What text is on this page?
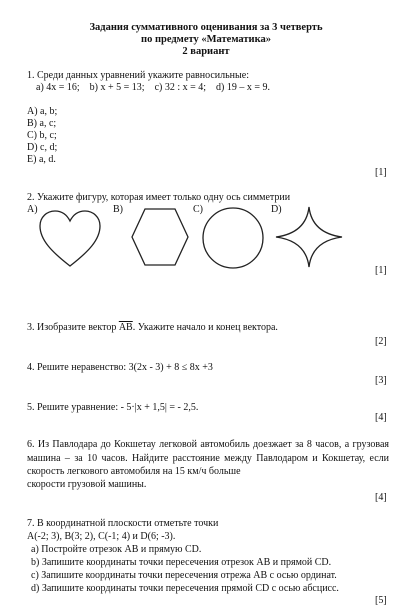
Задания суммативного оценивания за 3 четверть
по предмету «Математика»
2 вариант
1. Среди данных уравнений укажите равносильные:
a) 4x = 16;    b) x + 5 = 13;    c) 32 : x = 4;    d) 19 – x = 9.
A) a, b;
B) a, c;
C) b, c;
D) c, d;
E) a, d.
[1]
2. Укажите фигуру, которая имеет только одну ось симметрии
A)	B)	C)	D)
[1]
3. Изобразите вектор $\overline{AB}$. Укажите начало и конец вектора.
[2]
4. Решите неравенство: 3(2x - 3) + 8 ≤ 8x +3
[3]
5. Решите уравнение: - 5·|x + 1,5| = - 2,5.
[4]
6. Из Павлодара до Кокшетау легковой автомобиль доезжает за 8 часов, а грузовая машина – за 10 часов. Найдите расстояние между Павлодаром и Кокшетау, если скорость легкового автомобиля на 15 км/ч больше
скорости грузовой машины.
[4]
7. В координатной плоскости отметьте точки
A(-2; 3), B(3; 2), C(-1; 4) и D(6; -3).
a) Постройте отрезок AB и прямую CD.
b) Запишите координаты точки пересечения отрезок AB и прямой CD.
c) Запишите координаты точки пересечения отрежа AB с осью ординат.
d) Запишите координаты точки пересечения прямой CD с осью абсцисс.
[5]
